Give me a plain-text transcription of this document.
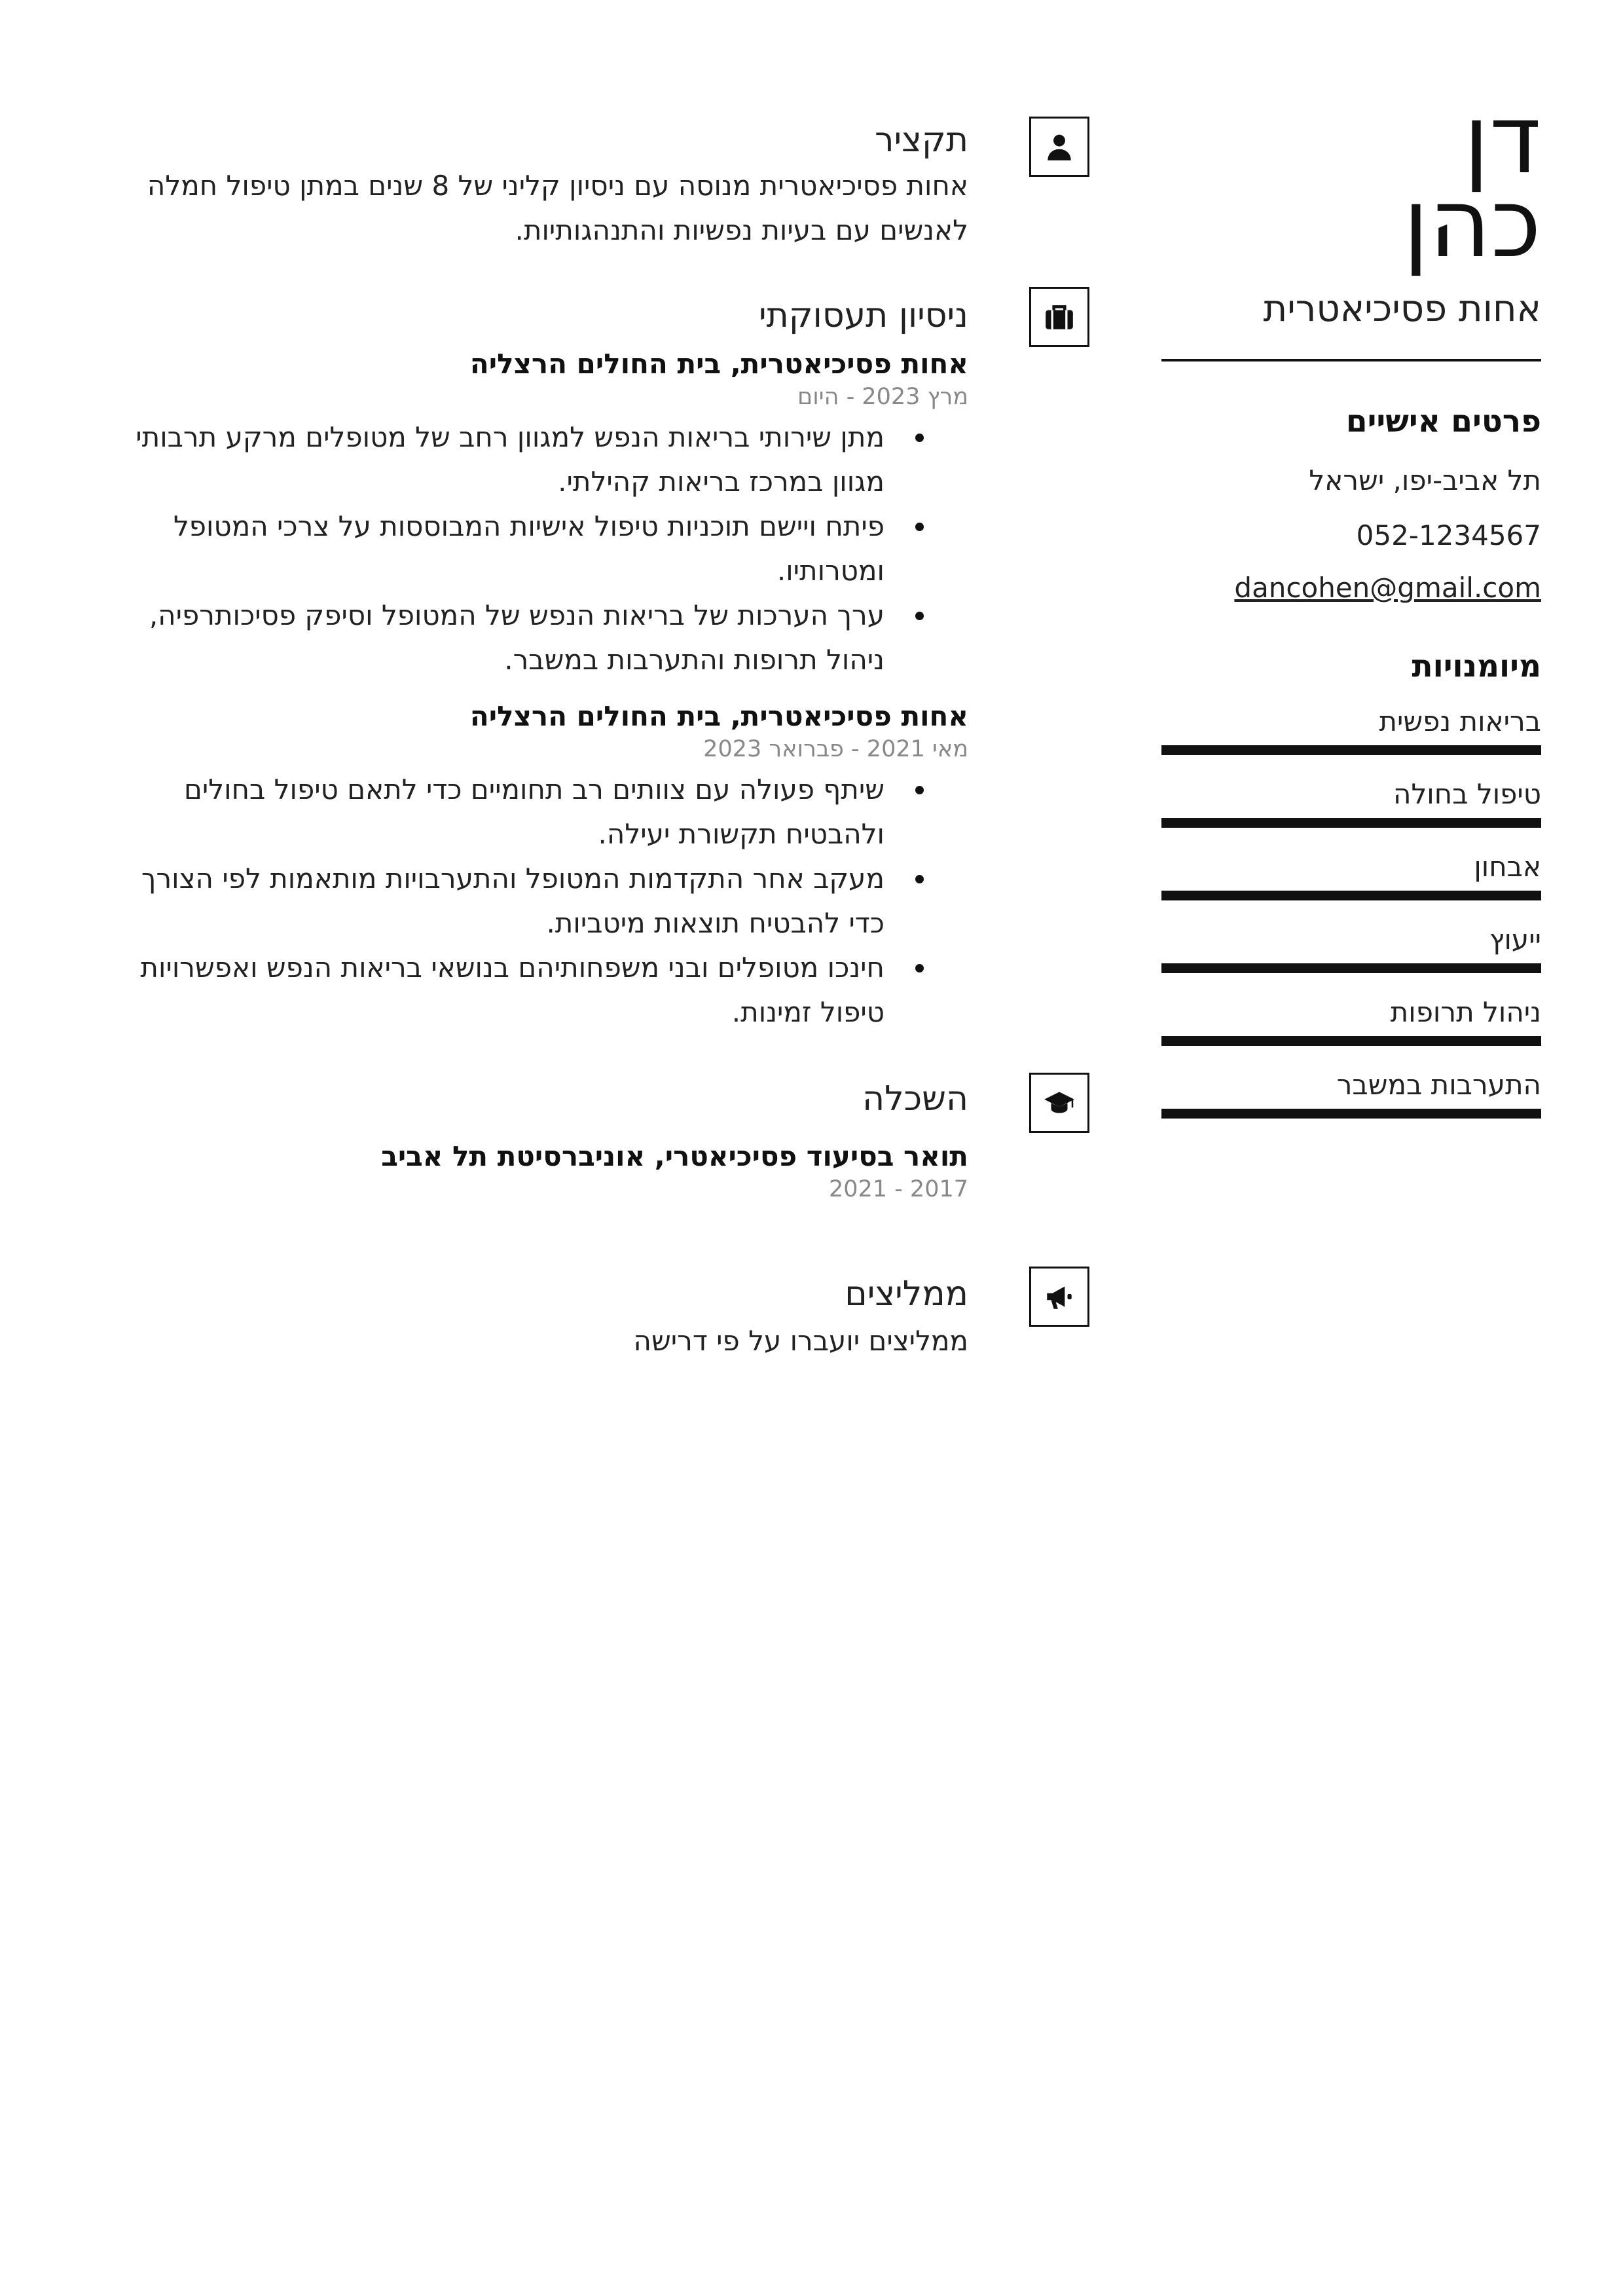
דן
כהן
אחות פסיכיאטרית
פרטים אישיים
תל אביב-יפו, ישראל
052-1234567
dancohen@gmail.com
מיומנויות
בריאות נפשית
טיפול בחולה
אבחון
ייעוץ
ניהול תרופות
התערבות במשבר
תקציר
אחות פסיכיאטרית מנוסה עם ניסיון קליני של 8 שנים במתן טיפול חמלה לאנשים עם בעיות נפשיות והתנהגותיות.
ניסיון תעסוקתי
אחות פסיכיאטרית, בית החולים הרצליה
מרץ 2023 - היום
מתן שירותי בריאות הנפש למגוון רחב של מטופלים מרקע תרבותי מגוון במרכז בריאות קהילתי.
פיתח ויישם תוכניות טיפול אישיות המבוססות על צרכי המטופל ומטרותיו.
ערך הערכות של בריאות הנפש של המטופל וסיפק פסיכותרפיה, ניהול תרופות והתערבות במשבר.
אחות פסיכיאטרית, בית החולים הרצליה
מאי 2021 - פברואר 2023
שיתף פעולה עם צוותים רב תחומיים כדי לתאם טיפול בחולים ולהבטיח תקשורת יעילה.
מעקב אחר התקדמות המטופל והתערבויות מותאמות לפי הצורך כדי להבטיח תוצאות מיטביות.
חינכו מטופלים ובני משפחותיהם בנושאי בריאות הנפש ואפשרויות טיפול זמינות.
השכלה
תואר בסיעוד פסיכיאטרי, אוניברסיטת תל אביב
2017 - 2021
ממליצים
ממליצים יועברו על פי דרישה
